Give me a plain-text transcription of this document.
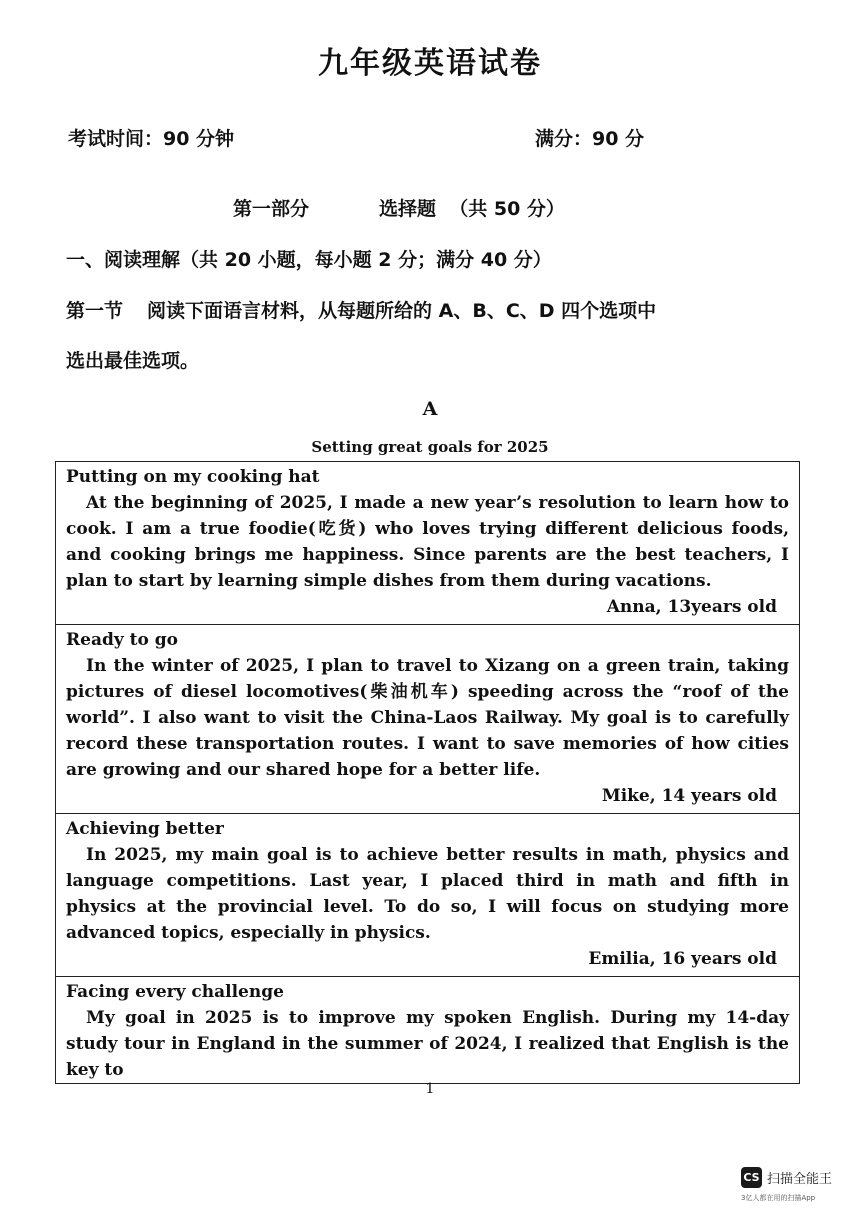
九年级英语试卷
考试时间：90 分钟	满分：90 分
第一部分	选择题 （共 50 分）
一、阅读理解（共 20 小题，每小题 2 分；满分 40 分）
第一节 阅读下面语言材料，从每题所给的 A、B、C、D 四个选项中
选出最佳选项。
A
Setting great goals for 2025
Putting on my cooking hat
At the beginning of 2025, I made a new year’s resolution to learn how to cook. I am a true foodie(吃货) who loves trying different delicious foods, and cooking brings me happiness. Since parents are the best teachers, I plan to start by learning simple dishes from them during vacations.
Anna, 13years old
Ready to go
In the winter of 2025, I plan to travel to Xizang on a green train, taking pictures of diesel locomotives(柴油机车) speeding across the “roof of the world”. I also want to visit the China-Laos Railway. My goal is to carefully record these transportation routes. I want to save memories of how cities are growing and our shared hope for a better life.
Mike, 14 years old
Achieving better
In 2025, my main goal is to achieve better results in math, physics and language competitions. Last year, I placed third in math and fifth in physics at the provincial level. To do so, I will focus on studying more advanced topics, especially in physics.
Emilia, 16 years old
Facing every challenge
My goal in 2025 is to improve my spoken English. During my 14-day study tour in England in the summer of 2024, I realized that English is the key to
1
CS 扫描全能王
3亿人都在用的扫描App
